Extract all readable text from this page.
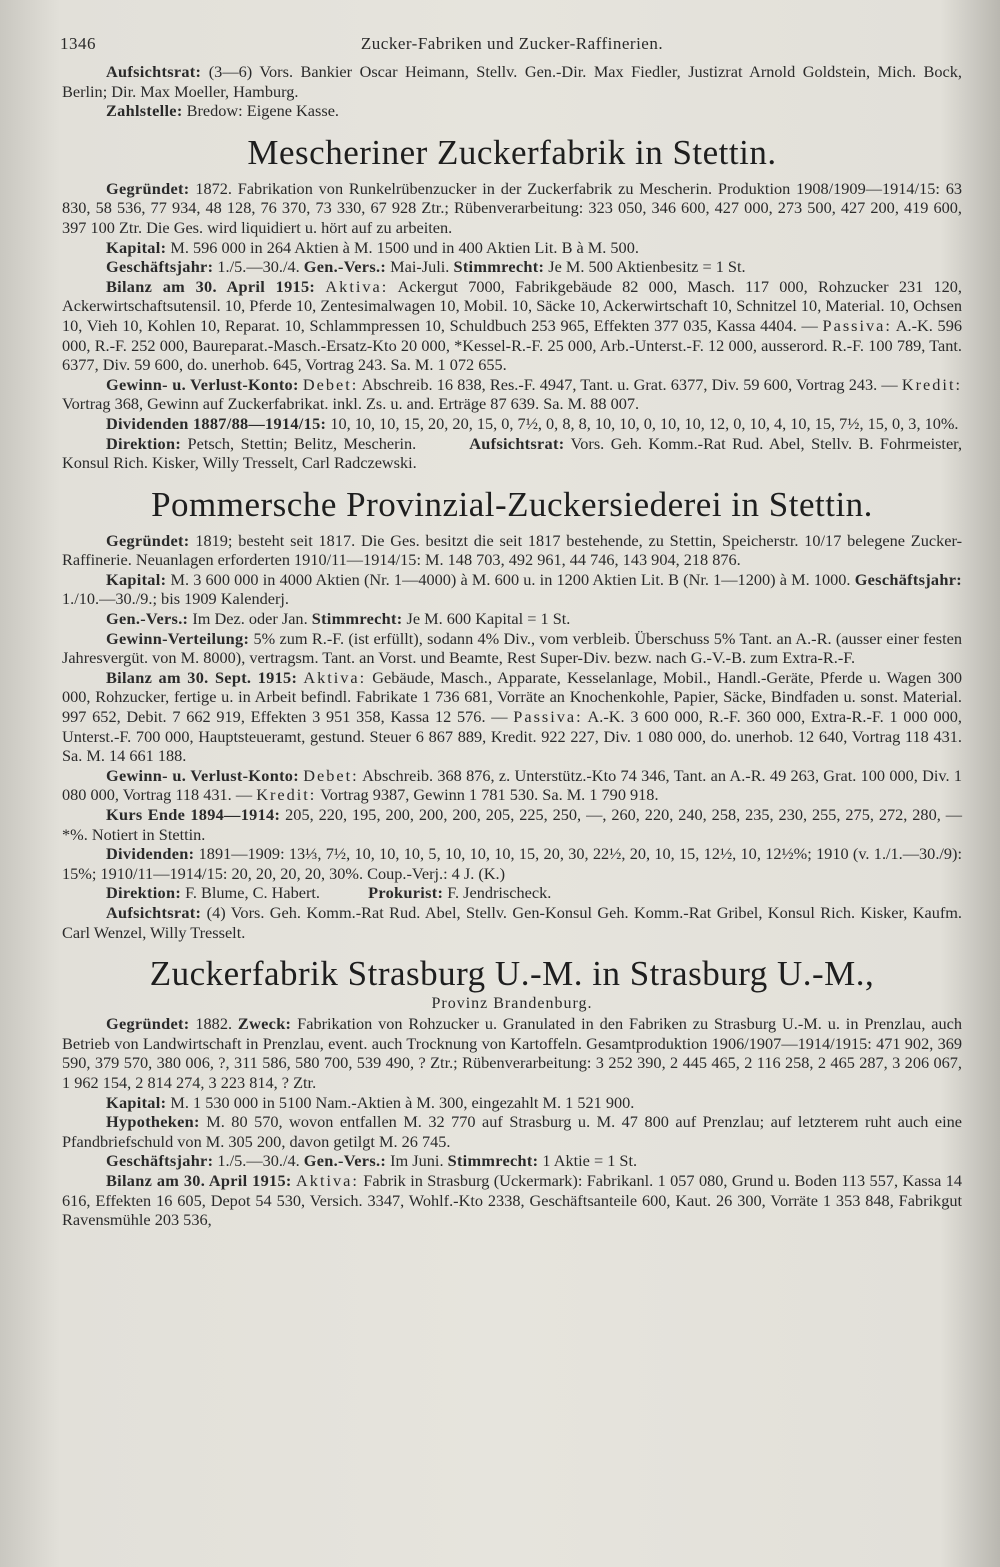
1346	Zucker-Fabriken und Zucker-Raffinerien.

Aufsichtsrat: (3—6) Vors. Bankier Oscar Heimann, Stellv. Gen.-Dir. Max Fiedler, Justizrat Arnold Goldstein, Mich. Bock, Berlin; Dir. Max Moeller, Hamburg.

Zahlstelle: Bredow: Eigene Kasse.

Mescheriner Zuckerfabrik in Stettin.

Gegründet: 1872. Fabrikation von Runkelrübenzucker in der Zuckerfabrik zu Mescherin. Produktion 1908/1909—1914/15: 63 830, 58 536, 77 934, 48 128, 76 370, 73 330, 67 928 Ztr.; Rübenverarbeitung: 323 050, 346 600, 427 000, 273 500, 427 200, 419 600, 397 100 Ztr. Die Ges. wird liquidiert u. hört auf zu arbeiten.

Kapital: M. 596 000 in 264 Aktien à M. 1500 und in 400 Aktien Lit. B à M. 500.

Geschäftsjahr: 1./5.—30./4. Gen.-Vers.: Mai-Juli. Stimmrecht: Je M. 500 Aktienbesitz = 1 St.

Bilanz am 30. April 1915: Aktiva: Ackergut 7000, Fabrikgebäude 82 000, Masch. 117 000, Rohzucker 231 120, Ackerwirtschaftsutensil. 10, Pferde 10, Zentesimalwagen 10, Mobil. 10, Säcke 10, Ackerwirtschaft 10, Schnitzel 10, Material. 10, Ochsen 10, Vieh 10, Kohlen 10, Reparat. 10, Schlammpressen 10, Schuldbuch 253 965, Effekten 377 035, Kassa 4404. — Passiva: A.-K. 596 000, R.-F. 252 000, Baureparat.-Masch.-Ersatz-Kto 20 000, *Kessel-R.-F. 25 000, Arb.-Unterst.-F. 12 000, ausserord. R.-F. 100 789, Tant. 6377, Div. 59 600, do. unerhob. 645, Vortrag 243. Sa. M. 1 072 655.

Gewinn- u. Verlust-Konto: Debet: Abschreib. 16 838, Res.-F. 4947, Tant. u. Grat. 6377, Div. 59 600, Vortrag 243. — Kredit: Vortrag 368, Gewinn auf Zuckerfabrikat. inkl. Zs. u. and. Erträge 87 639. Sa. M. 88 007.

Dividenden 1887/88—1914/15: 10, 10, 10, 15, 20, 20, 15, 0, 7½, 0, 8, 8, 10, 10, 0, 10, 10, 12, 0, 10, 4, 10, 15, 7½, 15, 0, 3, 10%.

Direktion: Petsch, Stettin; Belitz, Mescherin.	Aufsichtsrat: Vors. Geh. Komm.-Rat Rud. Abel, Stellv. B. Fohrmeister, Konsul Rich. Kisker, Willy Tresselt, Carl Radczewski.

Pommersche Provinzial-Zuckersiederei in Stettin.

Gegründet: 1819; besteht seit 1817. Die Ges. besitzt die seit 1817 bestehende, zu Stettin, Speicherstr. 10/17 belegene Zucker-Raffinerie. Neuanlagen erforderten 1910/11—1914/15: M. 148 703, 492 961, 44 746, 143 904, 218 876.

Kapital: M. 3 600 000 in 4000 Aktien (Nr. 1—4000) à M. 600 u. in 1200 Aktien Lit. B (Nr. 1—1200) à M. 1000. Geschäftsjahr: 1./10.—30./9.; bis 1909 Kalenderj.

Gen.-Vers.: Im Dez. oder Jan. Stimmrecht: Je M. 600 Kapital = 1 St.

Gewinn-Verteilung: 5% zum R.-F. (ist erfüllt), sodann 4% Div., vom verbleib. Überschuss 5% Tant. an A.-R. (ausser einer festen Jahresvergüt. von M. 8000), vertragsm. Tant. an Vorst. und Beamte, Rest Super-Div. bezw. nach G.-V.-B. zum Extra-R.-F.

Bilanz am 30. Sept. 1915: Aktiva: Gebäude, Masch., Apparate, Kesselanlage, Mobil., Handl.-Geräte, Pferde u. Wagen 300 000, Rohzucker, fertige u. in Arbeit befindl. Fabrikate 1 736 681, Vorräte an Knochenkohle, Papier, Säcke, Bindfaden u. sonst. Material. 997 652, Debit. 7 662 919, Effekten 3 951 358, Kassa 12 576. — Passiva: A.-K. 3 600 000, R.-F. 360 000, Extra-R.-F. 1 000 000, Unterst.-F. 700 000, Hauptsteueramt, gestund. Steuer 6 867 889, Kredit. 922 227, Div. 1 080 000, do. unerhob. 12 640, Vortrag 118 431. Sa. M. 14 661 188.

Gewinn- u. Verlust-Konto: Debet: Abschreib. 368 876, z. Unterstütz.-Kto 74 346, Tant. an A.-R. 49 263, Grat. 100 000, Div. 1 080 000, Vortrag 118 431. — Kredit: Vortrag 9387, Gewinn 1 781 530. Sa. M. 1 790 918.

Kurs Ende 1894—1914: 205, 220, 195, 200, 200, 200, 205, 225, 250, —, 260, 220, 240, 258, 235, 230, 255, 275, 272, 280, —*%. Notiert in Stettin.

Dividenden: 1891—1909: 13⅓, 7½, 10, 10, 10, 5, 10, 10, 10, 15, 20, 30, 22½, 20, 10, 15, 12½, 10, 12½%; 1910 (v. 1./1.—30./9): 15%; 1910/11—1914/15: 20, 20, 20, 20, 30%. Coup.-Verj.: 4 J. (K.)

Direktion: F. Blume, C. Habert.	Prokurist: F. Jendrischeck.

Aufsichtsrat: (4) Vors. Geh. Komm.-Rat Rud. Abel, Stellv. Gen-Konsul Geh. Komm.-Rat Gribel, Konsul Rich. Kisker, Kaufm. Carl Wenzel, Willy Tresselt.

Zuckerfabrik Strasburg U.-M. in Strasburg U.-M.,
Provinz Brandenburg.

Gegründet: 1882. Zweck: Fabrikation von Rohzucker u. Granulated in den Fabriken zu Strasburg U.-M. u. in Prenzlau, auch Betrieb von Landwirtschaft in Prenzlau, event. auch Trocknung von Kartoffeln. Gesamtproduktion 1906/1907—1914/1915: 471 902, 369 590, 379 570, 380 006, ?, 311 586, 580 700, 539 490, ? Ztr.; Rübenverarbeitung: 3 252 390, 2 445 465, 2 116 258, 2 465 287, 3 206 067, 1 962 154, 2 814 274, 3 223 814, ? Ztr.

Kapital: M. 1 530 000 in 5100 Nam.-Aktien à M. 300, eingezahlt M. 1 521 900.

Hypotheken: M. 80 570, wovon entfallen M. 32 770 auf Strasburg u. M. 47 800 auf Prenzlau; auf letzterem ruht auch eine Pfandbriefschuld von M. 305 200, davon getilgt M. 26 745.

Geschäftsjahr: 1./5.—30./4. Gen.-Vers.: Im Juni. Stimmrecht: 1 Aktie = 1 St.

Bilanz am 30. April 1915: Aktiva: Fabrik in Strasburg (Uckermark): Fabrikanl. 1 057 080, Grund u. Boden 113 557, Kassa 14 616, Effekten 16 605, Depot 54 530, Versich. 3347, Wohlf.-Kto 2338, Geschäftsanteile 600, Kaut. 26 300, Vorräte 1 353 848, Fabrikgut Ravensmühle 203 536,
